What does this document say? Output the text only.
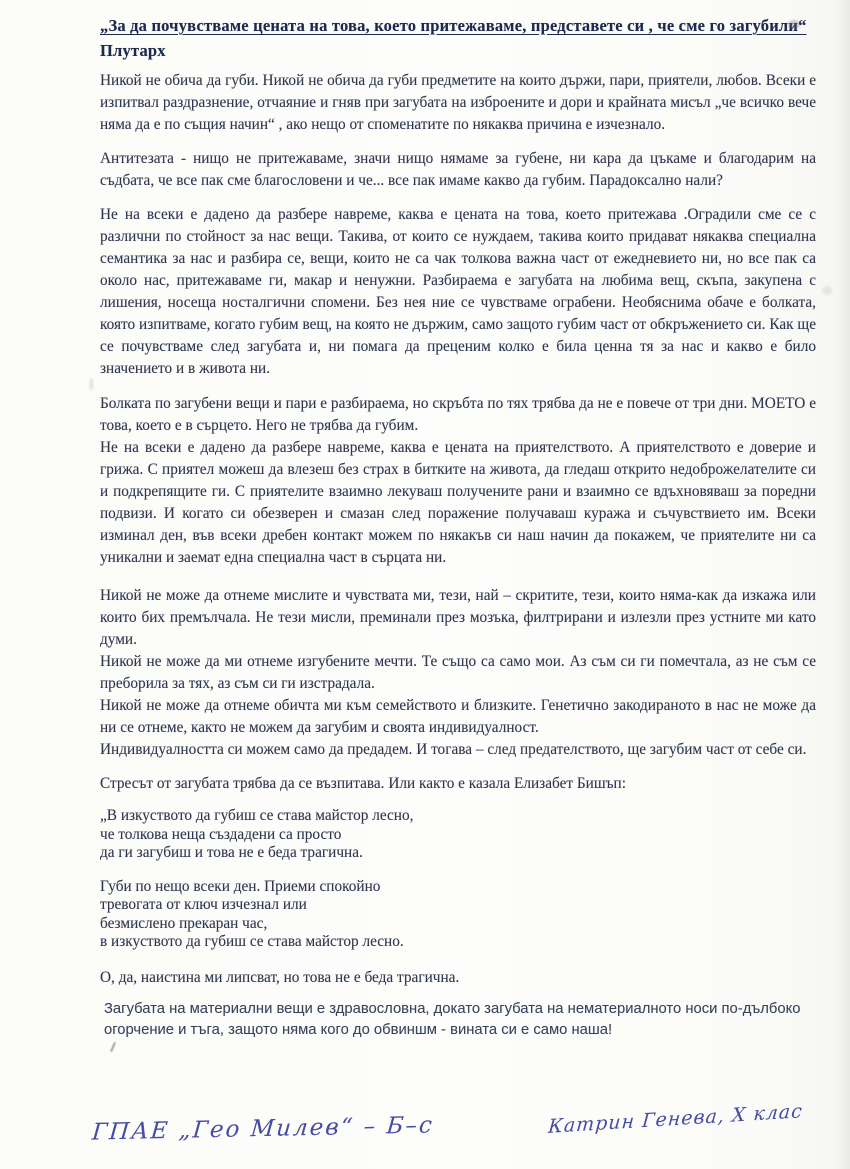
„За да почувстваме цената на това, което притежаваме, представете си , че сме го загубили“ Плутарх

Никой не обича да губи. Никой не обича да губи предметите на които държи, пари, приятели, любов. Всеки е изпитвал раздразнение, отчаяние и гняв при загубата на изброените и дори и крайната мисъл „че всичко вече няма да е по същия начин“ , ако нещо от споменатите по някаква причина е изчезнало.

Антитезата - нищо не притежаваме, значи нищо нямаме за губене, ни кара да цъкаме и благодарим на съдбата, че все пак сме благословени и че... все пак имаме какво да губим. Парадоксално нали?

Не на всеки е дадено да разбере навреме, каква е цената на това, което притежава .Оградили сме се с различни по стойност за нас вещи. Такива, от които се нуждаем, такива които придават някаква специална семантика за нас и разбира се, вещи, които не са чак толкова важна част от ежедневието ни, но все пак са около нас, притежаваме ги, макар и ненужни. Разбираема е загубата на любима вещ, скъпа, закупена с лишения, носеща носталгични спомени. Без нея ние се чувстваме ограбени. Необяснима обаче е болката, която изпитваме, когато губим вещ, на която не държим, само защото губим част от обкръжението си. Как ще се почувстваме след загубата и, ни помага да преценим колко е била ценна тя за нас и какво е било значението и в живота ни.

Болката по загубени вещи и пари е разбираема, но скръбта по тях трябва да не е повече от три дни. МОЕТО е това, което е в сърцето. Него не трябва да губим.

Не на всеки е дадено да разбере навреме, каква е цената на приятелството. А приятелството е доверие и грижа. С приятел можеш да влезеш без страх в битките на живота, да гледаш открито недоброжелателите си и подкрепящите ги. С приятелите взаимно лекуваш получените рани и взаимно се вдъхновяваш за поредни подвизи. И когато си обезверен и смазан след поражение получаваш куража и съчувствието им. Всеки изминал ден, във всеки дребен контакт можем по някакъв си наш начин да покажем, че приятелите ни са уникални и заемат една специална част в сърцата ни.

Никой не може да отнеме мислите и чувствата ми, тези, най – скритите, тези, които няма-как да изкажа или които бих премълчала. Не тези мисли, преминали през мозъка, филтрирани и излезли през устните ми като думи.

Никой не може да ми отнеме изгубените мечти. Те също са само мои. Аз съм си ги помечтала, аз не съм се преборила за тях, аз съм си ги изстрадала.

Никой не може да отнеме обичта ми към семейството и близките. Генетично закодираното в нас не може да ни се отнеме, както не можем да загубим и своята индивидуалност.

Индивидуалността си можем само да предадем. И тогава – след предателството, ще загубим част от себе си.

Стресът от загубата трябва да се възпитава. Или както е казала Елизабет Бишъп:

„В изкуството да губиш се става майстор лесно,
че толкова неща създадени са просто
да ги загубиш и това не е беда трагична.
Губи по нещо всеки ден. Приеми спокойно
тревогата от ключ изчезнал или
безмислено прекаран час,
в изкуството да губиш се става майстор лесно.

О, да, наистина ми липсват, но това не е беда трагична.

Загубата на материални вещи е здравословна, докато загубата на нематериалното носи по-дълбоко огорчение и тъга, защото няма кого до обвиншм - вината си е само наша!

ГПАЕ „Гео Милев“ – Б–с	Катрин Генева, Х клас
